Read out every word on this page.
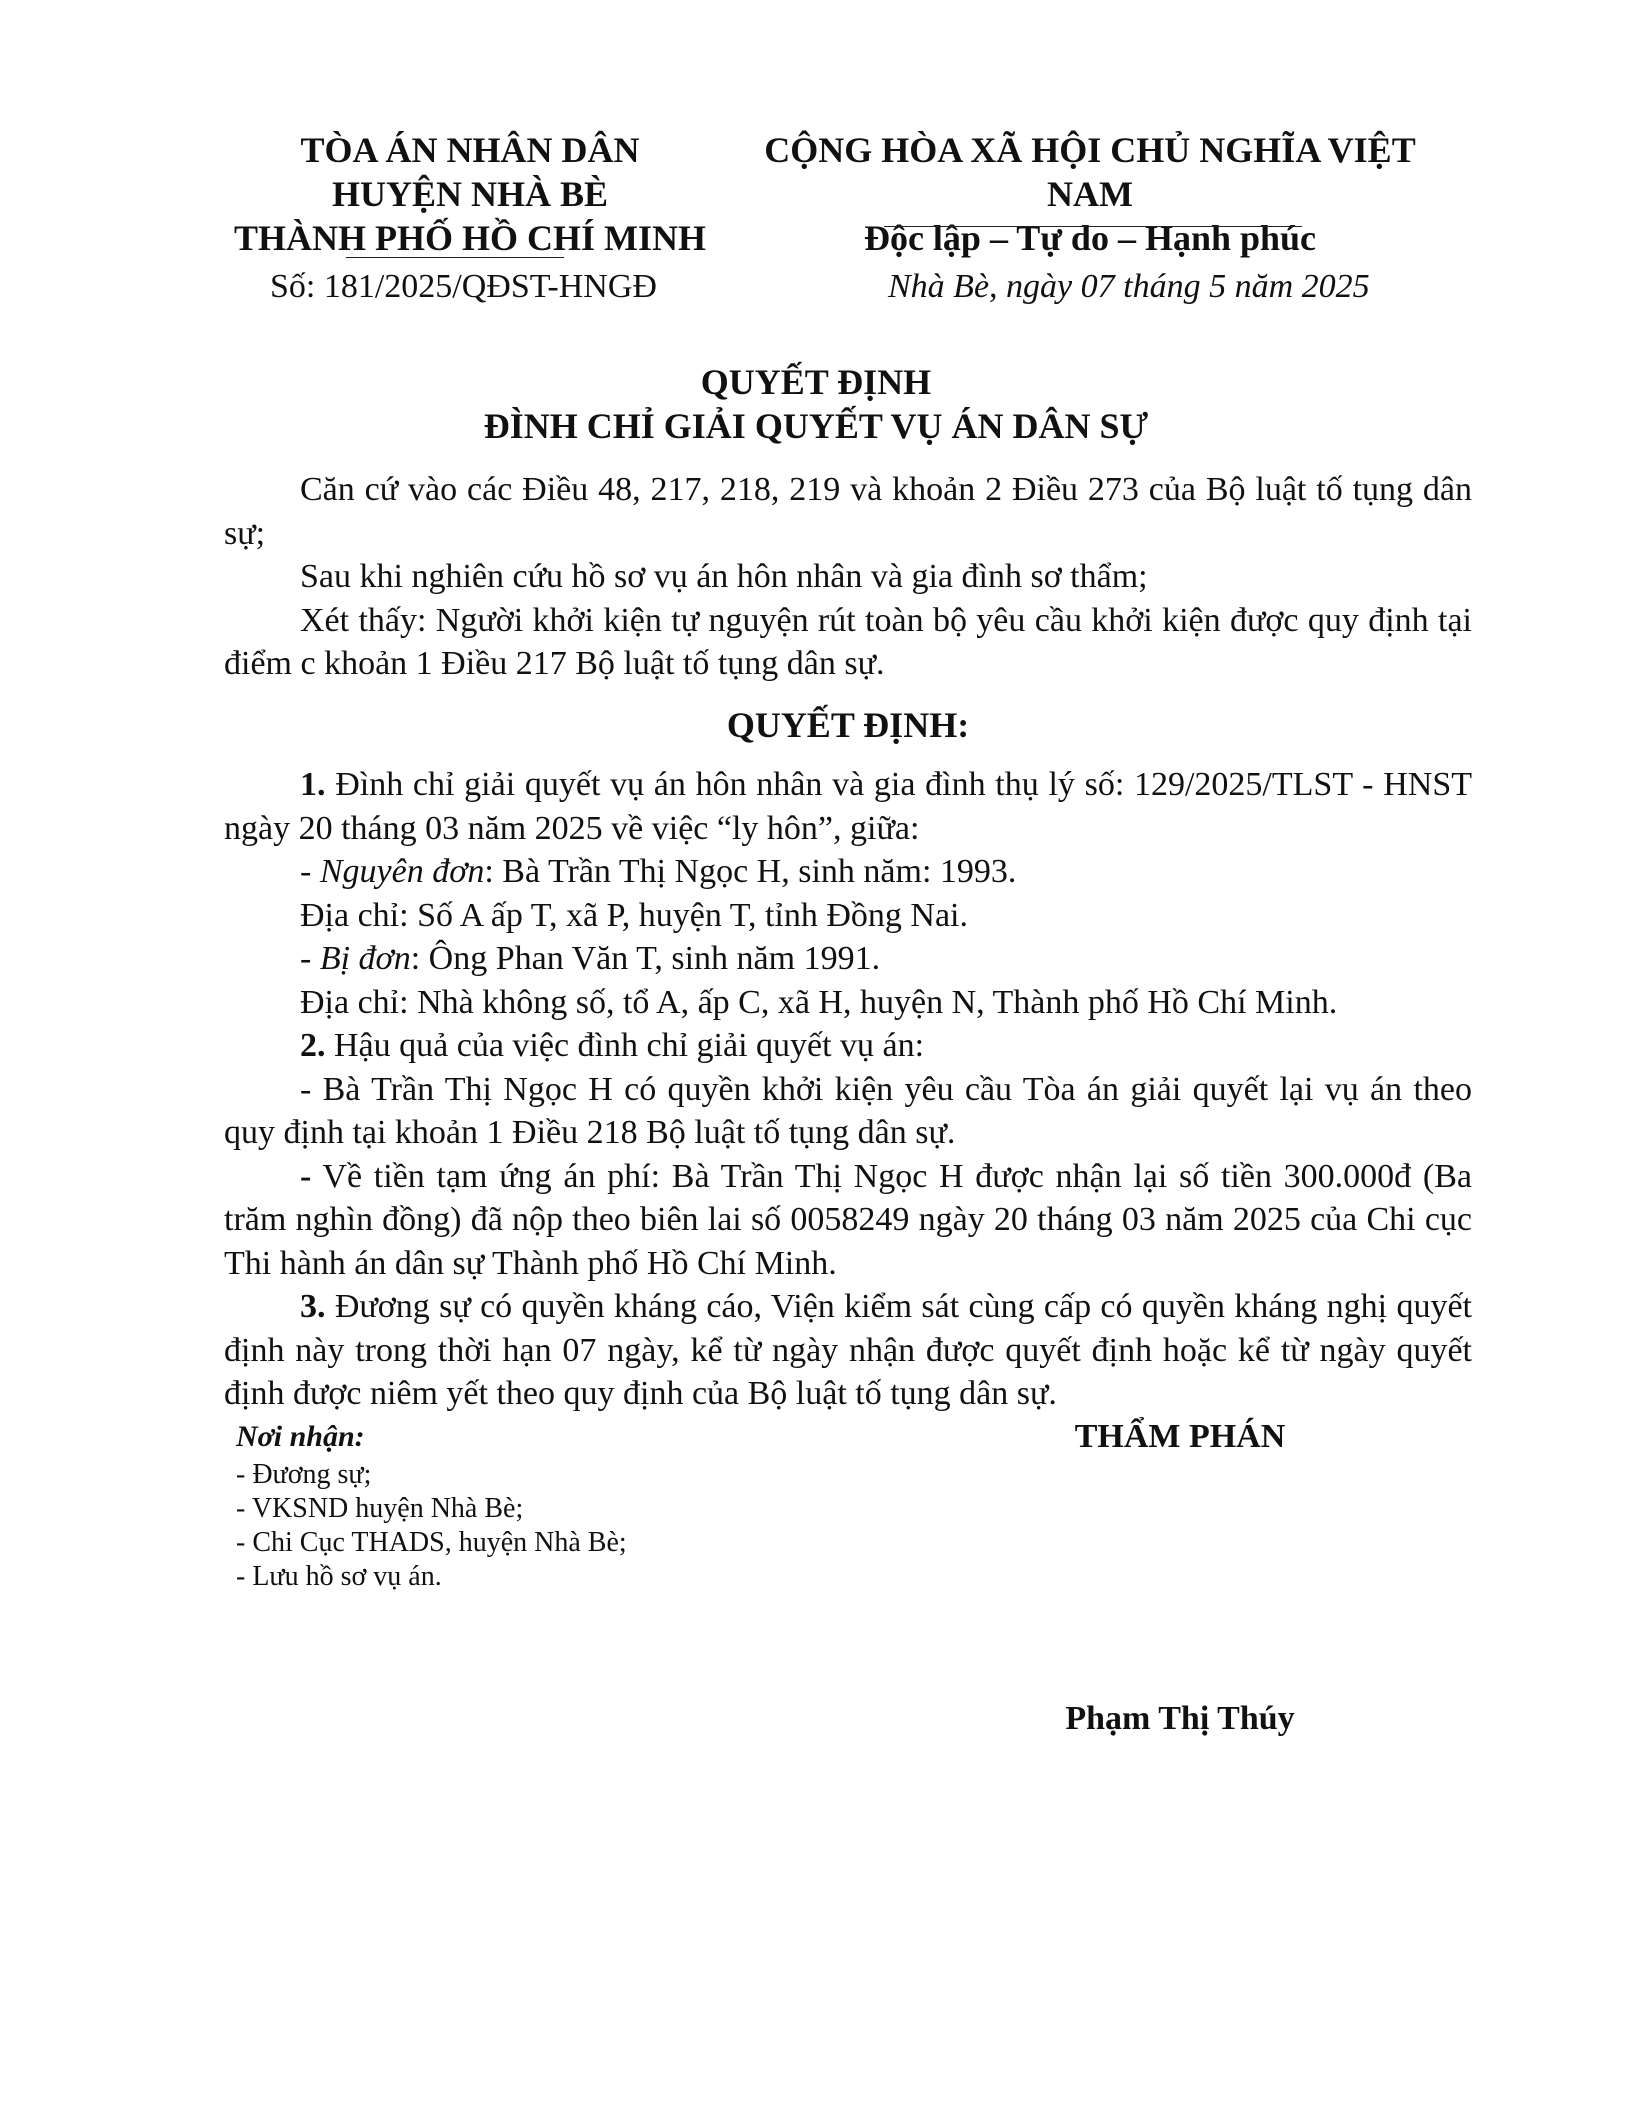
TÒA ÁN NHÂN DÂN
HUYỆN NHÀ BÈ
THÀNH PHỐ HỒ CHÍ MINH
Số: 181/2025/QĐST-HNGĐ
CỘNG HÒA XÃ HỘI CHỦ NGHĨA VIỆT NAM
Độc lập – Tự do – Hạnh phúc
Nhà Bè, ngày 07 tháng 5 năm 2025
QUYẾT ĐỊNH
ĐÌNH CHỈ GIẢI QUYẾT VỤ ÁN DÂN SỰ

Căn cứ vào các Điều 48, 217, 218, 219 và khoản 2 Điều 273 của Bộ luật tố tụng dân sự;

Sau khi nghiên cứu hồ sơ vụ án hôn nhân và gia đình sơ thẩm;

Xét thấy: Người khởi kiện tự nguyện rút toàn bộ yêu cầu khởi kiện được quy định tại điểm c khoản 1 Điều 217 Bộ luật tố tụng dân sự.

QUYẾT ĐỊNH:

1. Đình chỉ giải quyết vụ án hôn nhân và gia đình thụ lý số: 129/2025/TLST - HNST ngày 20 tháng 03 năm 2025 về việc “ly hôn”, giữa:

- Nguyên đơn: Bà Trần Thị Ngọc H, sinh năm: 1993.

Địa chỉ: Số A ấp T, xã P, huyện T, tỉnh Đồng Nai.

- Bị đơn: Ông Phan Văn T, sinh năm 1991.

Địa chỉ: Nhà không số, tổ A, ấp C, xã H, huyện N, Thành phố Hồ Chí Minh.

2. Hậu quả của việc đình chỉ giải quyết vụ án:

- Bà Trần Thị Ngọc H có quyền khởi kiện yêu cầu Tòa án giải quyết lại vụ án theo quy định tại khoản 1 Điều 218 Bộ luật tố tụng dân sự.

- Về tiền tạm ứng án phí: Bà Trần Thị Ngọc H được nhận lại số tiền 300.000đ (Ba trăm nghìn đồng) đã nộp theo biên lai số 0058249 ngày 20 tháng 03 năm 2025 của Chi cục Thi hành án dân sự Thành phố Hồ Chí Minh.

3. Đương sự có quyền kháng cáo, Viện kiểm sát cùng cấp có quyền kháng nghị quyết định này trong thời hạn 07 ngày, kể từ ngày nhận được quyết định hoặc kể từ ngày quyết định được niêm yết theo quy định của Bộ luật tố tụng dân sự.

Nơi nhận:
- Đương sự;
- VKSND huyện Nhà Bè;
- Chi Cục THADS, huyện Nhà Bè;
- Lưu hồ sơ vụ án.
THẨM PHÁN
Phạm Thị Thúy
